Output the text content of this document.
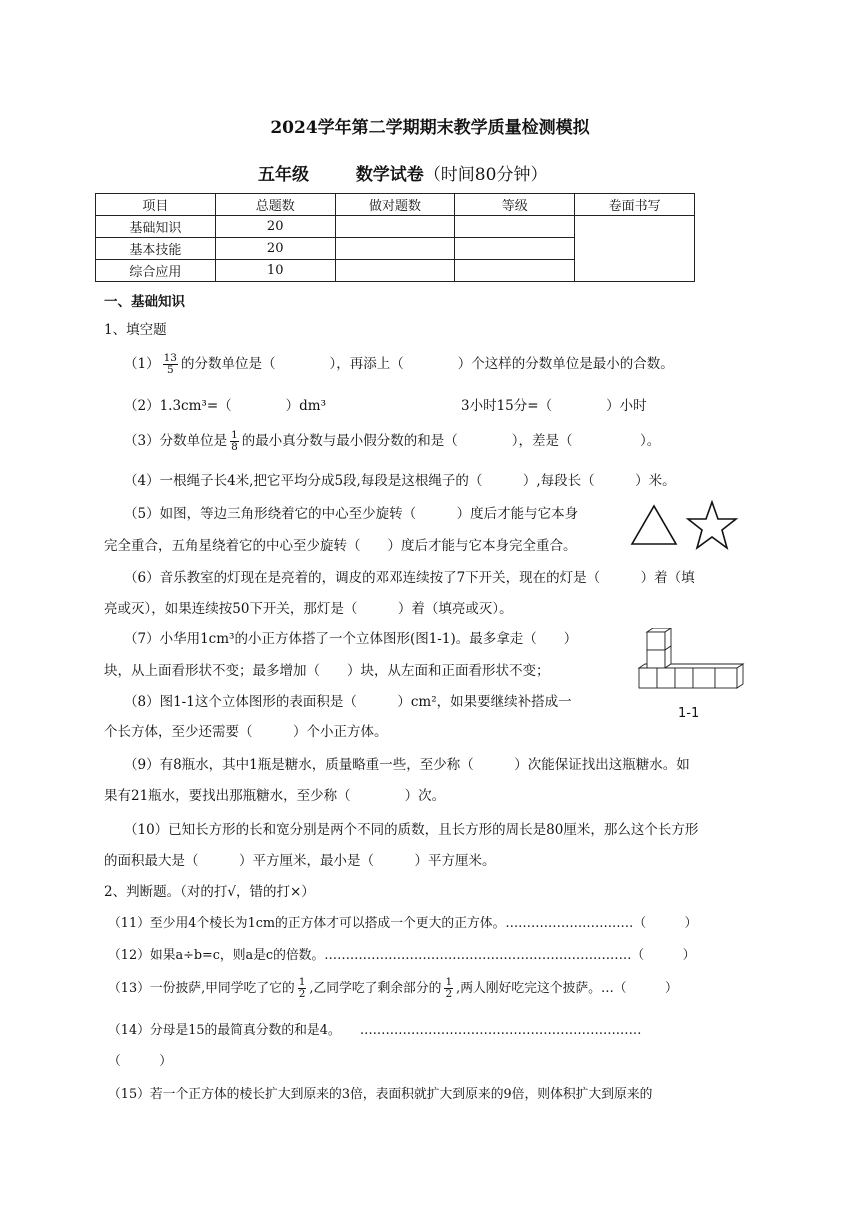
2024学年第二学期期末教学质量检测模拟
五年级	数学试卷（时间80分钟）
项目	总题数	做对题数	等级	卷面书写
基础知识	20			
基本技能	20			
综合应用	10			
一、基础知识
1、填空题
$(1) \frac{13}{5}$ 的分数单位是（　　　　），再添上（　　　　）个这样的分数单位是最小的合数。
（2）1.3cm³=（　　　　）dm³　　　　　　　　　　3小时15分=（　　　　）小时
（3）分数单位是 $\frac{1}{8}$ 的最小真分数与最小假分数的和是（　　　　），差是（　　　　　）。
（4）一根绳子长4米,把它平均分成5段,每段是这根绳子的（　　　）,每段长（　　　）米。
（5）如图，等边三角形绕着它的中心至少旋转（　　　）度后才能与它本身
完全重合，五角星绕着它的中心至少旋转（　　）度后才能与它本身完全重合。
（6）音乐教室的灯现在是亮着的，调皮的邓邓连续按了7下开关，现在的灯是（　　　）着（填
亮或灭），如果连续按50下开关，那灯是（　　　）着（填亮或灭）。
（7）小华用1cm³的小正方体搭了一个立体图形(图1-1)。最多拿走（　　）
块，从上面看形状不变；最多增加（　　）块，从左面和正面看形状不变；
（8）图1-1这个立体图形的表面积是（　　　）cm²，如果要继续补搭成一
个长方体，至少还需要（　　　）个小正方体。
1-1
（9）有8瓶水，其中1瓶是糖水，质量略重一些，至少称（　　　）次能保证找出这瓶糖水。如
果有21瓶水，要找出那瓶糖水，至少称（　　　　）次。
（10）已知长方形的长和宽分别是两个不同的质数，且长方形的周长是80厘米，那么这个长方形
的面积最大是（　　　）平方厘米，最小是（　　　）平方厘米。
2、判断题。（对的打√，错的打×）
（11）至少用4个棱长为1cm的正方体才可以搭成一个更大的正方体。…………………………（　　　）
（12）如果a÷b=c，则a是c的倍数。………………………………………………………………（　　　）
（13）一份披萨,甲同学吃了它的 $\frac{1}{2}$ ,乙同学吃了剩余部分的 $\frac{1}{2}$ ,两人刚好吃完这个披萨。…（　　　）
（14）分母是15的最简真分数的和是4。　　…………………………………………………………
（　　　）
（15）若一个正方体的棱长扩大到原来的3倍，表面积就扩大到原来的9倍，则体积扩大到原来的
